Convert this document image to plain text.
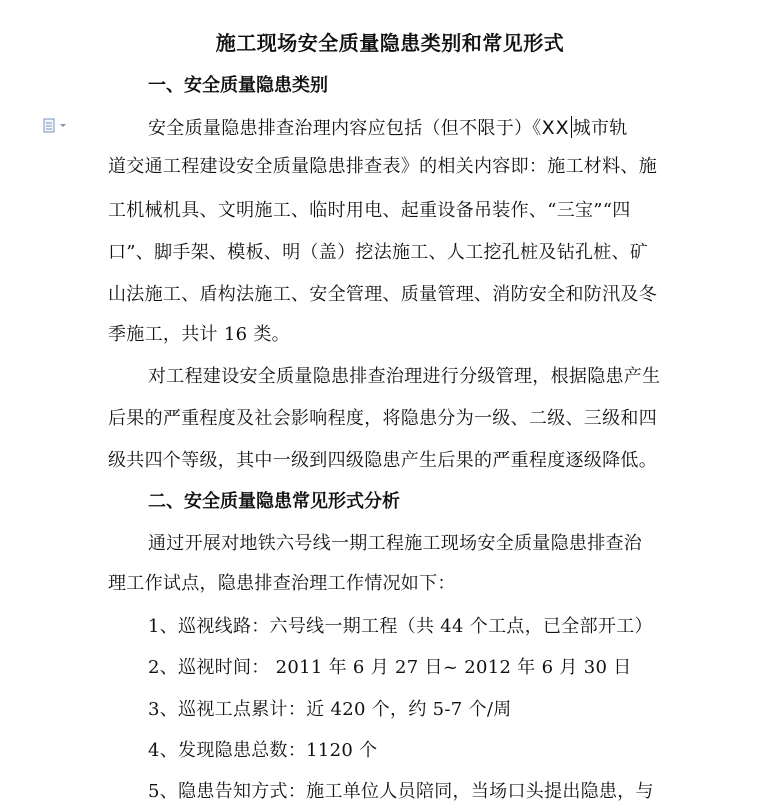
施工现场安全质量隐患类别和常见形式
一、安全质量隐患类别

安全质量隐患排查治理内容应包括（但不限于）《XX 城市轨

道交通工程建设安全质量隐患排查表》的相关内容即：施工材料、施

工机械机具、文明施工、临时用电、起重设备吊装作、“三宝”“四

口”、脚手架、模板、明（盖）挖法施工、人工挖孔桩及钻孔桩、矿

山法施工、盾构法施工、安全管理、质量管理、消防安全和防汛及冬

季施工，共计 16 类。

对工程建设安全质量隐患排查治理进行分级管理，根据隐患产生

后果的严重程度及社会影响程度，将隐患分为一级、二级、三级和四

级共四个等级，其中一级到四级隐患产生后果的严重程度逐级降低。

二、安全质量隐患常见形式分析

通过开展对地铁六号线一期工程施工现场安全质量隐患排查治

理工作试点，隐患排查治理工作情况如下：

1、巡视线路：六号线一期工程（共 44 个工点，已全部开工）

2、巡视时间： 2011 年 6 月 27 日~ 2012 年 6 月 30 日

3、巡视工点累计：近 420 个，约 5-7 个/周

4、发现隐患总数：1120 个

5、隐患告知方式：施工单位人员陪同，当场口头提出隐患，与
